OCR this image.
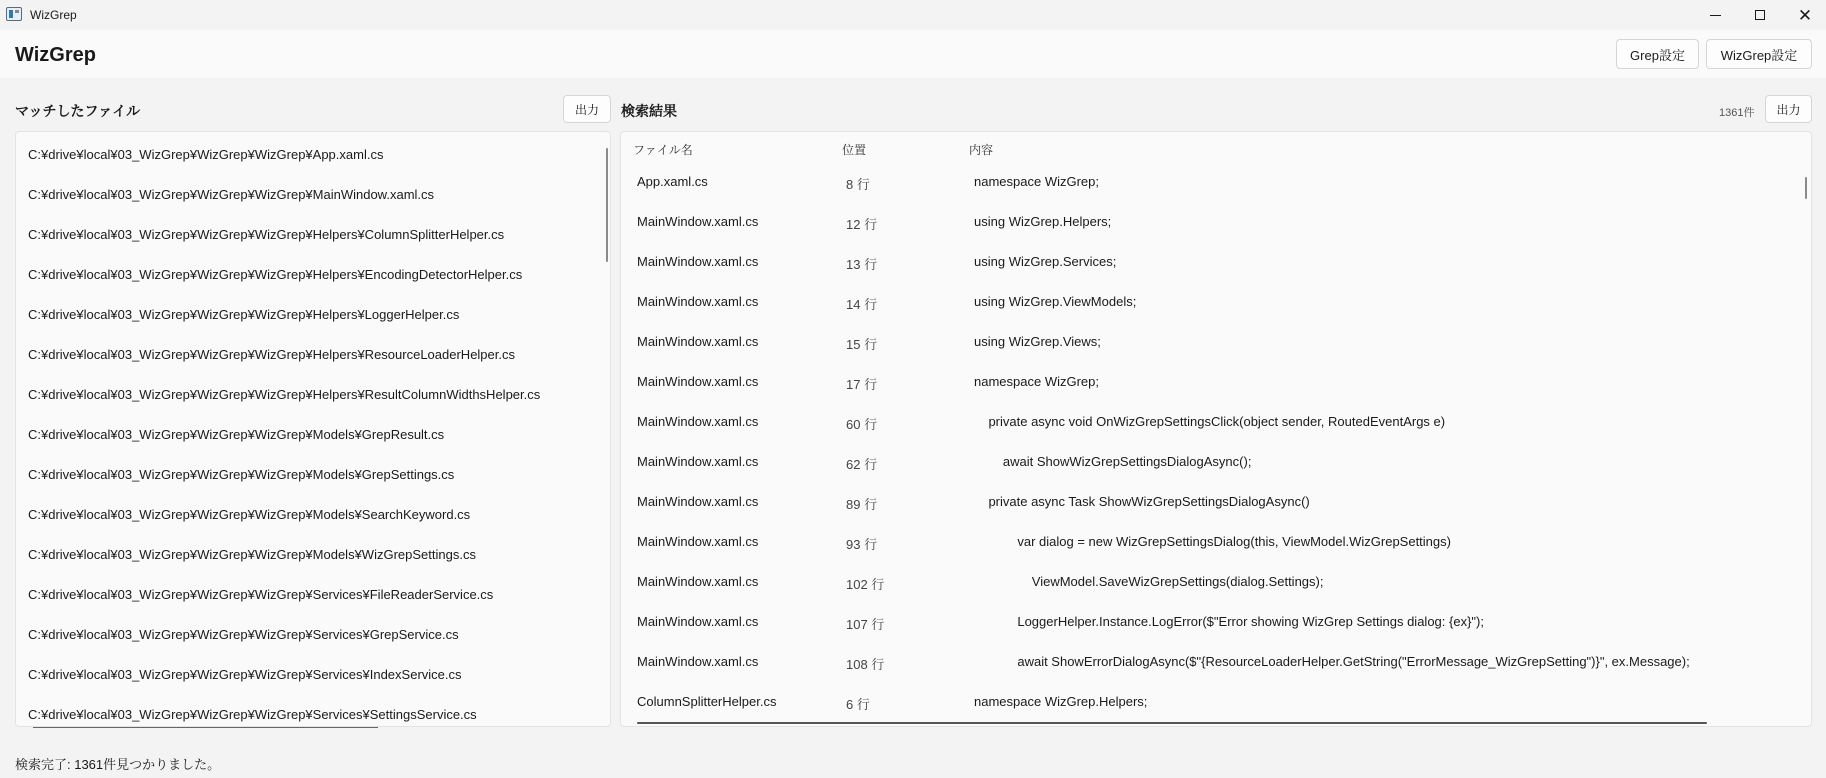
WizGrep	✕
WizGrep	Grep設定	WizGrep設定
マッチしたファイル	出力	検索結果	1361件	出力
C:¥drive¥local¥03_WizGrep¥WizGrep¥WizGrep¥App.xaml.cs
C:¥drive¥local¥03_WizGrep¥WizGrep¥WizGrep¥MainWindow.xaml.cs
C:¥drive¥local¥03_WizGrep¥WizGrep¥WizGrep¥Helpers¥ColumnSplitterHelper.cs
C:¥drive¥local¥03_WizGrep¥WizGrep¥WizGrep¥Helpers¥EncodingDetectorHelper.cs
C:¥drive¥local¥03_WizGrep¥WizGrep¥WizGrep¥Helpers¥LoggerHelper.cs
C:¥drive¥local¥03_WizGrep¥WizGrep¥WizGrep¥Helpers¥ResourceLoaderHelper.cs
C:¥drive¥local¥03_WizGrep¥WizGrep¥WizGrep¥Helpers¥ResultColumnWidthsHelper.cs
C:¥drive¥local¥03_WizGrep¥WizGrep¥WizGrep¥Models¥GrepResult.cs
C:¥drive¥local¥03_WizGrep¥WizGrep¥WizGrep¥Models¥GrepSettings.cs
C:¥drive¥local¥03_WizGrep¥WizGrep¥WizGrep¥Models¥SearchKeyword.cs
C:¥drive¥local¥03_WizGrep¥WizGrep¥WizGrep¥Models¥WizGrepSettings.cs
C:¥drive¥local¥03_WizGrep¥WizGrep¥WizGrep¥Services¥FileReaderService.cs
C:¥drive¥local¥03_WizGrep¥WizGrep¥WizGrep¥Services¥GrepService.cs
C:¥drive¥local¥03_WizGrep¥WizGrep¥WizGrep¥Services¥IndexService.cs
C:¥drive¥local¥03_WizGrep¥WizGrep¥WizGrep¥Services¥SettingsService.cs
ファイル名	位置	内容
App.xaml.cs	8 行	namespace WizGrep;
MainWindow.xaml.cs	12 行	using WizGrep.Helpers;
MainWindow.xaml.cs	13 行	using WizGrep.Services;
MainWindow.xaml.cs	14 行	using WizGrep.ViewModels;
MainWindow.xaml.cs	15 行	using WizGrep.Views;
MainWindow.xaml.cs	17 行	namespace WizGrep;
MainWindow.xaml.cs	60 行	private async void OnWizGrepSettingsClick(object sender, RoutedEventArgs e)
MainWindow.xaml.cs	62 行	await ShowWizGrepSettingsDialogAsync();
MainWindow.xaml.cs	89 行	private async Task ShowWizGrepSettingsDialogAsync()
MainWindow.xaml.cs	93 行	var dialog = new WizGrepSettingsDialog(this, ViewModel.WizGrepSettings)
MainWindow.xaml.cs	102 行	ViewModel.SaveWizGrepSettings(dialog.Settings);
MainWindow.xaml.cs	107 行	LoggerHelper.Instance.LogError($"Error showing WizGrep Settings dialog: {ex}");
MainWindow.xaml.cs	108 行	await ShowErrorDialogAsync($"{ResourceLoaderHelper.GetString("ErrorMessage_WizGrepSetting")}", ex.Message);
ColumnSplitterHelper.cs	6 行	namespace WizGrep.Helpers;
検索完了: 1361件見つかりました。
